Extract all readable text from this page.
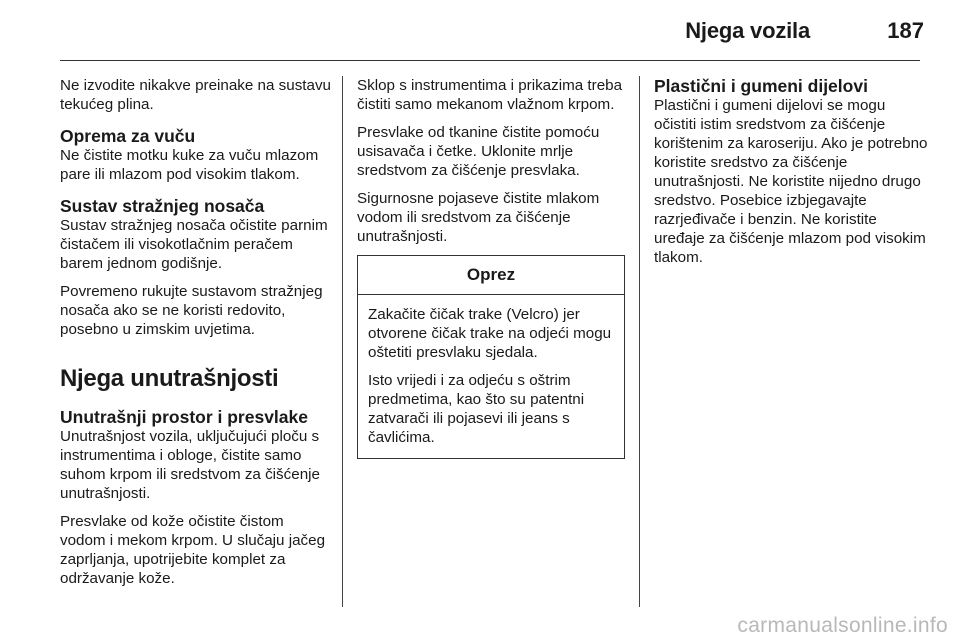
Njega vozila	187

Ne izvodite nikakve preinake na sustavu tekućeg plina.

Oprema za vuču

Ne čistite motku kuke za vuču mlazom pare ili mlazom pod visokim tlakom.

Sustav stražnjeg nosača

Sustav stražnjeg nosača očistite parnim čistačem ili visokotlačnim peračem barem jednom godišnje.

Povremeno rukujte sustavom stražnjeg nosača ako se ne koristi redovito, posebno u zimskim uvjetima.

Njega unutrašnjosti
Unutrašnji prostor i presvlake

Unutrašnjost vozila, uključujući ploču s instrumentima i obloge, čistite samo suhom krpom ili sredstvom za čišćenje unutrašnjosti.

Presvlake od kože očistite čistom vodom i mekom krpom. U slučaju jačeg zaprljanja, upotrijebite komplet za održavanje kože.

Sklop s instrumentima i prikazima treba čistiti samo mekanom vlažnom krpom.

Presvlake od tkanine čistite pomoću usisavača i četke. Uklonite mrlje sredstvom za čišćenje presvlaka.

Sigurnosne pojaseve čistite mlakom vodom ili sredstvom za čišćenje unutrašnjosti.

Oprez

Zakačite čičak trake (Velcro) jer otvorene čičak trake na odjeći mogu oštetiti presvlaku sjedala.

Isto vrijedi i za odjeću s oštrim predmetima, kao što su patentni zatvarači ili pojasevi ili jeans s čavlićima.

Plastični i gumeni dijelovi

Plastični i gumeni dijelovi se mogu očistiti istim sredstvom za čišćenje korištenim za karoseriju. Ako je potrebno koristite sredstvo za čišćenje unutrašnjosti. Ne koristite nijedno drugo sredstvo. Posebice izbjegavajte razrjeđivače i benzin. Ne koristite uređaje za čišćenje mlazom pod visokim tlakom.

carmanualsonline.info
